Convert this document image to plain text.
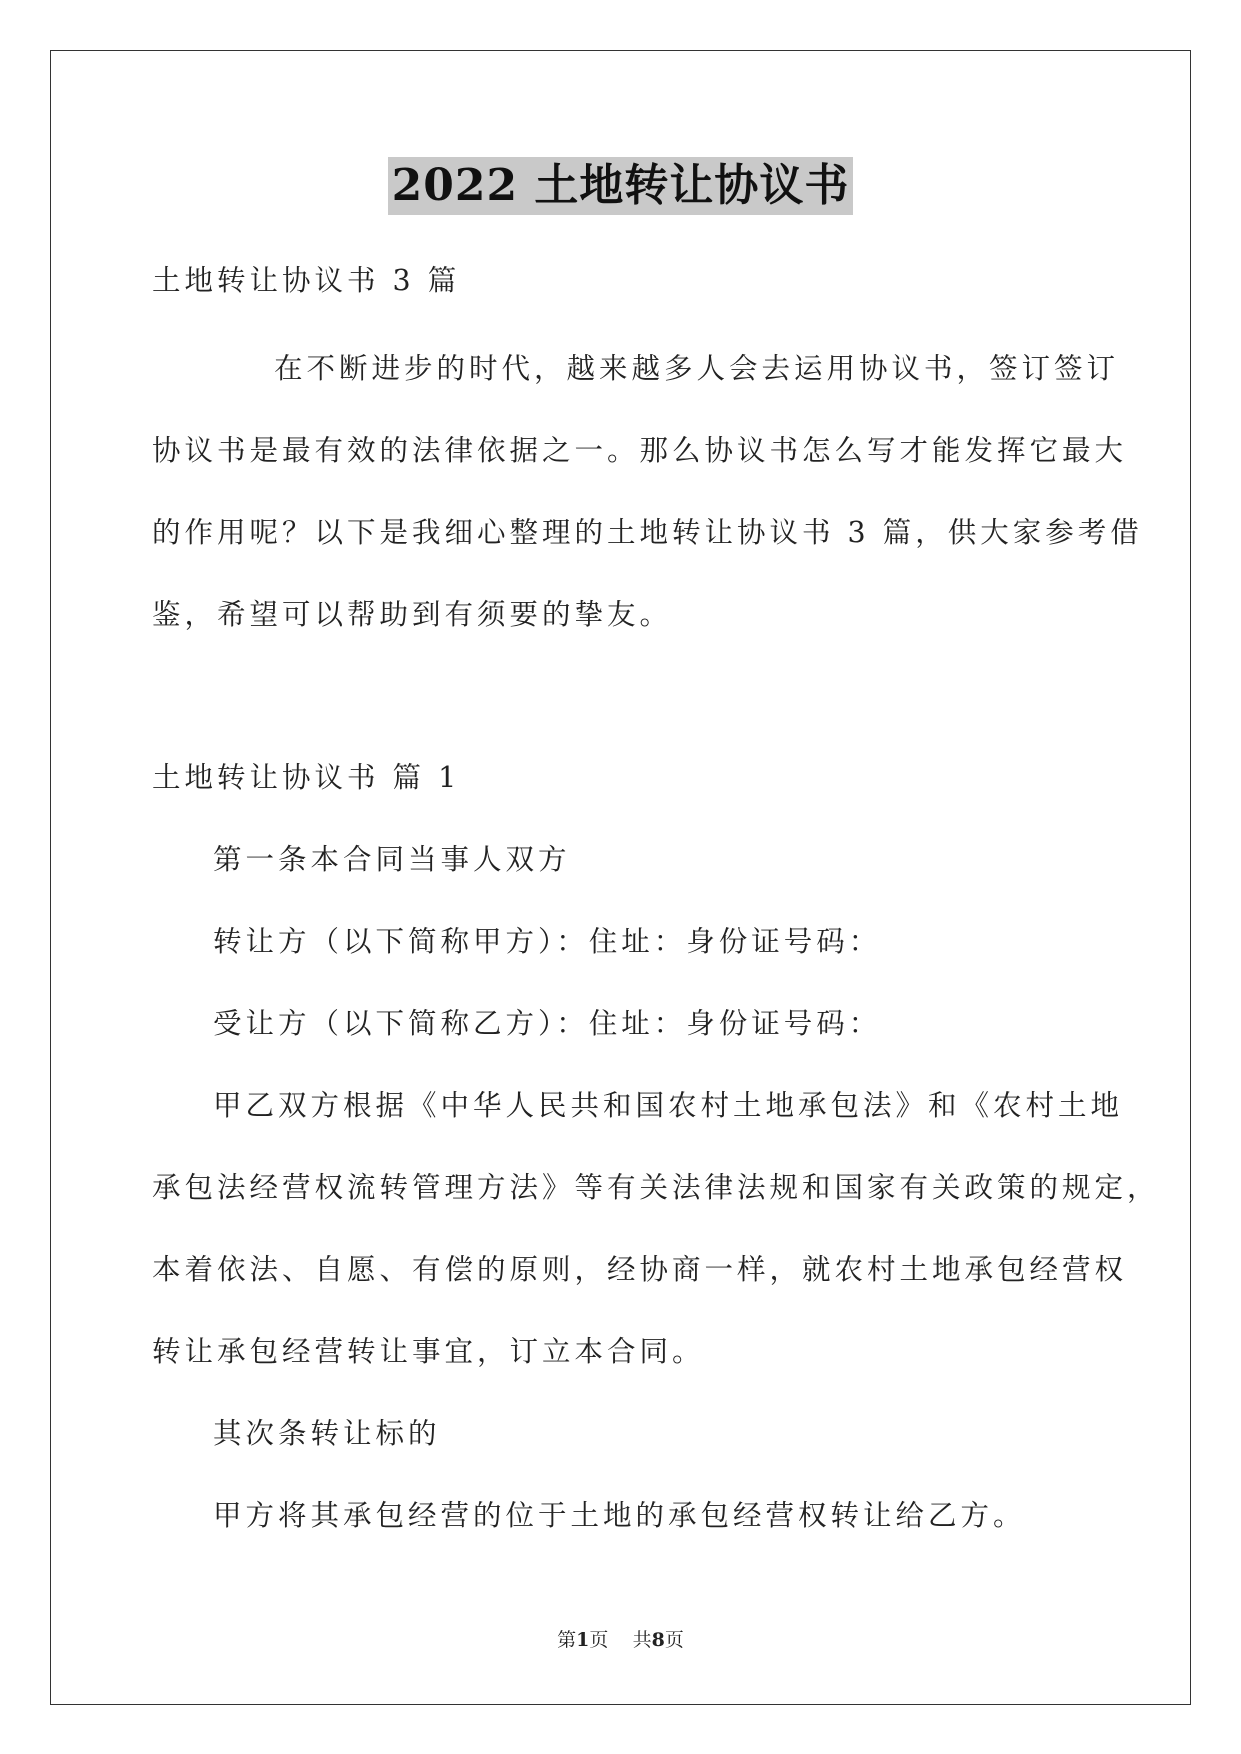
2022 土地转让协议书
土地转让协议书 3 篇
在不断进步的时代，越来越多人会去运用协议书，签订签订
协议书是最有效的法律依据之一。那么协议书怎么写才能发挥它最大
的作用呢？以下是我细心整理的土地转让协议书 3 篇，供大家参考借
鉴，希望可以帮助到有须要的挚友。
土地转让协议书 篇 1
第一条本合同当事人双方
转让方（以下简称甲方）：住址：身份证号码：
受让方（以下简称乙方）：住址：身份证号码：
甲乙双方根据《中华人民共和国农村土地承包法》和《农村土地
承包法经营权流转管理方法》等有关法律法规和国家有关政策的规定，
本着依法、自愿、有偿的原则，经协商一样，就农村土地承包经营权
转让承包经营转让事宜，订立本合同。
其次条转让标的
甲方将其承包经营的位于土地的承包经营权转让给乙方。
第1页    共8页
